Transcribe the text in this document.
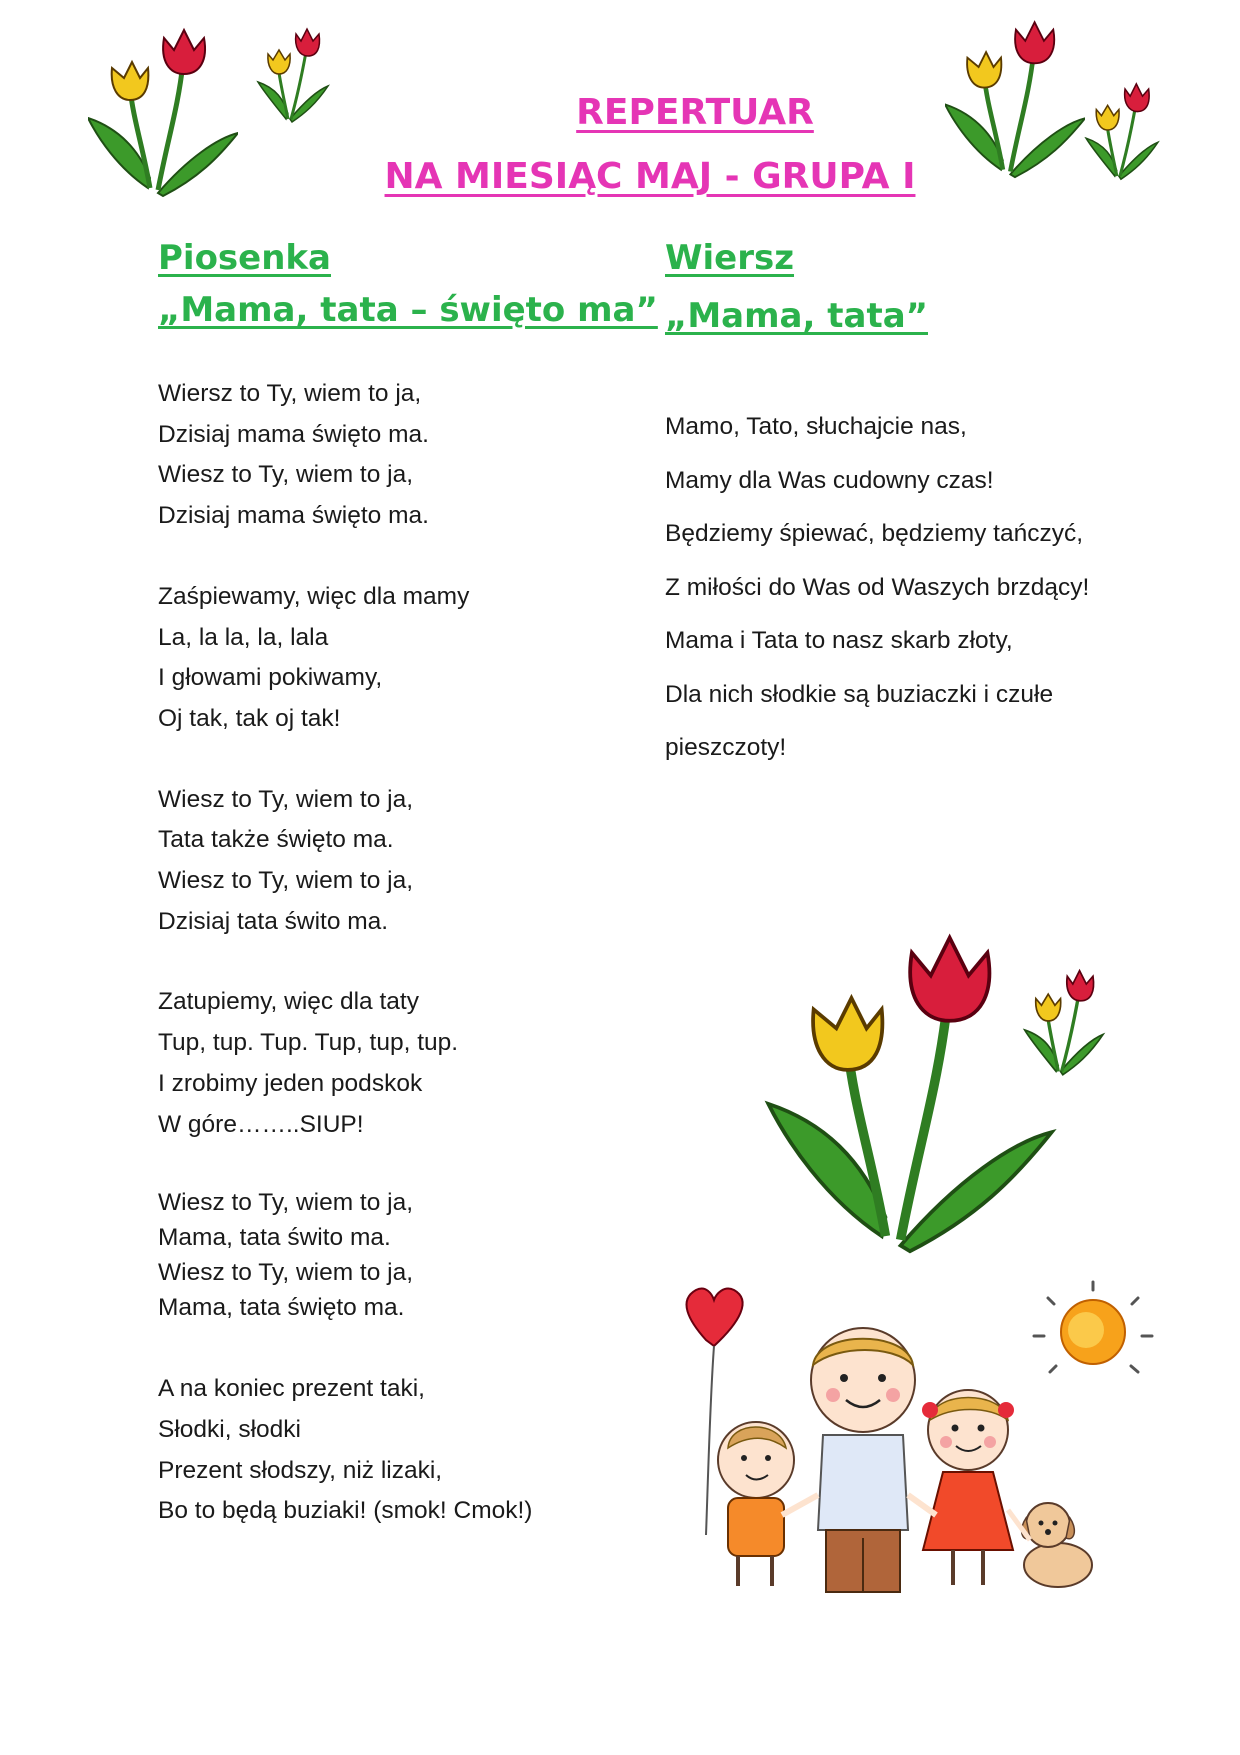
REPERTUAR
NA MIESIĄC MAJ - GRUPA I
Piosenka
„Mama, tata – święto ma”
Wiersz
„Mama, tata”
Wiersz to Ty, wiem to ja,
Dzisiaj mama święto ma.
Wiesz to Ty, wiem to ja,
Dzisiaj mama święto ma.
Zaśpiewamy, więc dla mamy
La, la la, la, lala
I głowami pokiwamy,
Oj tak, tak oj tak!
Wiesz to Ty, wiem to ja,
Tata także święto ma.
Wiesz to Ty, wiem to ja,
Dzisiaj tata świto ma.
Zatupiemy, więc dla taty
Tup, tup. Tup. Tup, tup, tup.
I zrobimy jeden podskok
W góre……..SIUP!
Wiesz to Ty, wiem to ja,
Mama, tata świto ma.
Wiesz to Ty, wiem to ja,
Mama, tata święto ma.
A na koniec prezent taki,
Słodki, słodki
Prezent słodszy, niż lizaki,
Bo to będą buziaki! (smok! Cmok!)
Mamo, Tato, słuchajcie nas,
Mamy dla Was cudowny czas!
Będziemy śpiewać, będziemy tańczyć,
Z miłości do Was od Waszych brzdący!
Mama i Tata to nasz skarb złoty,
Dla nich słodkie są buziaczki i czułe
pieszczoty!
